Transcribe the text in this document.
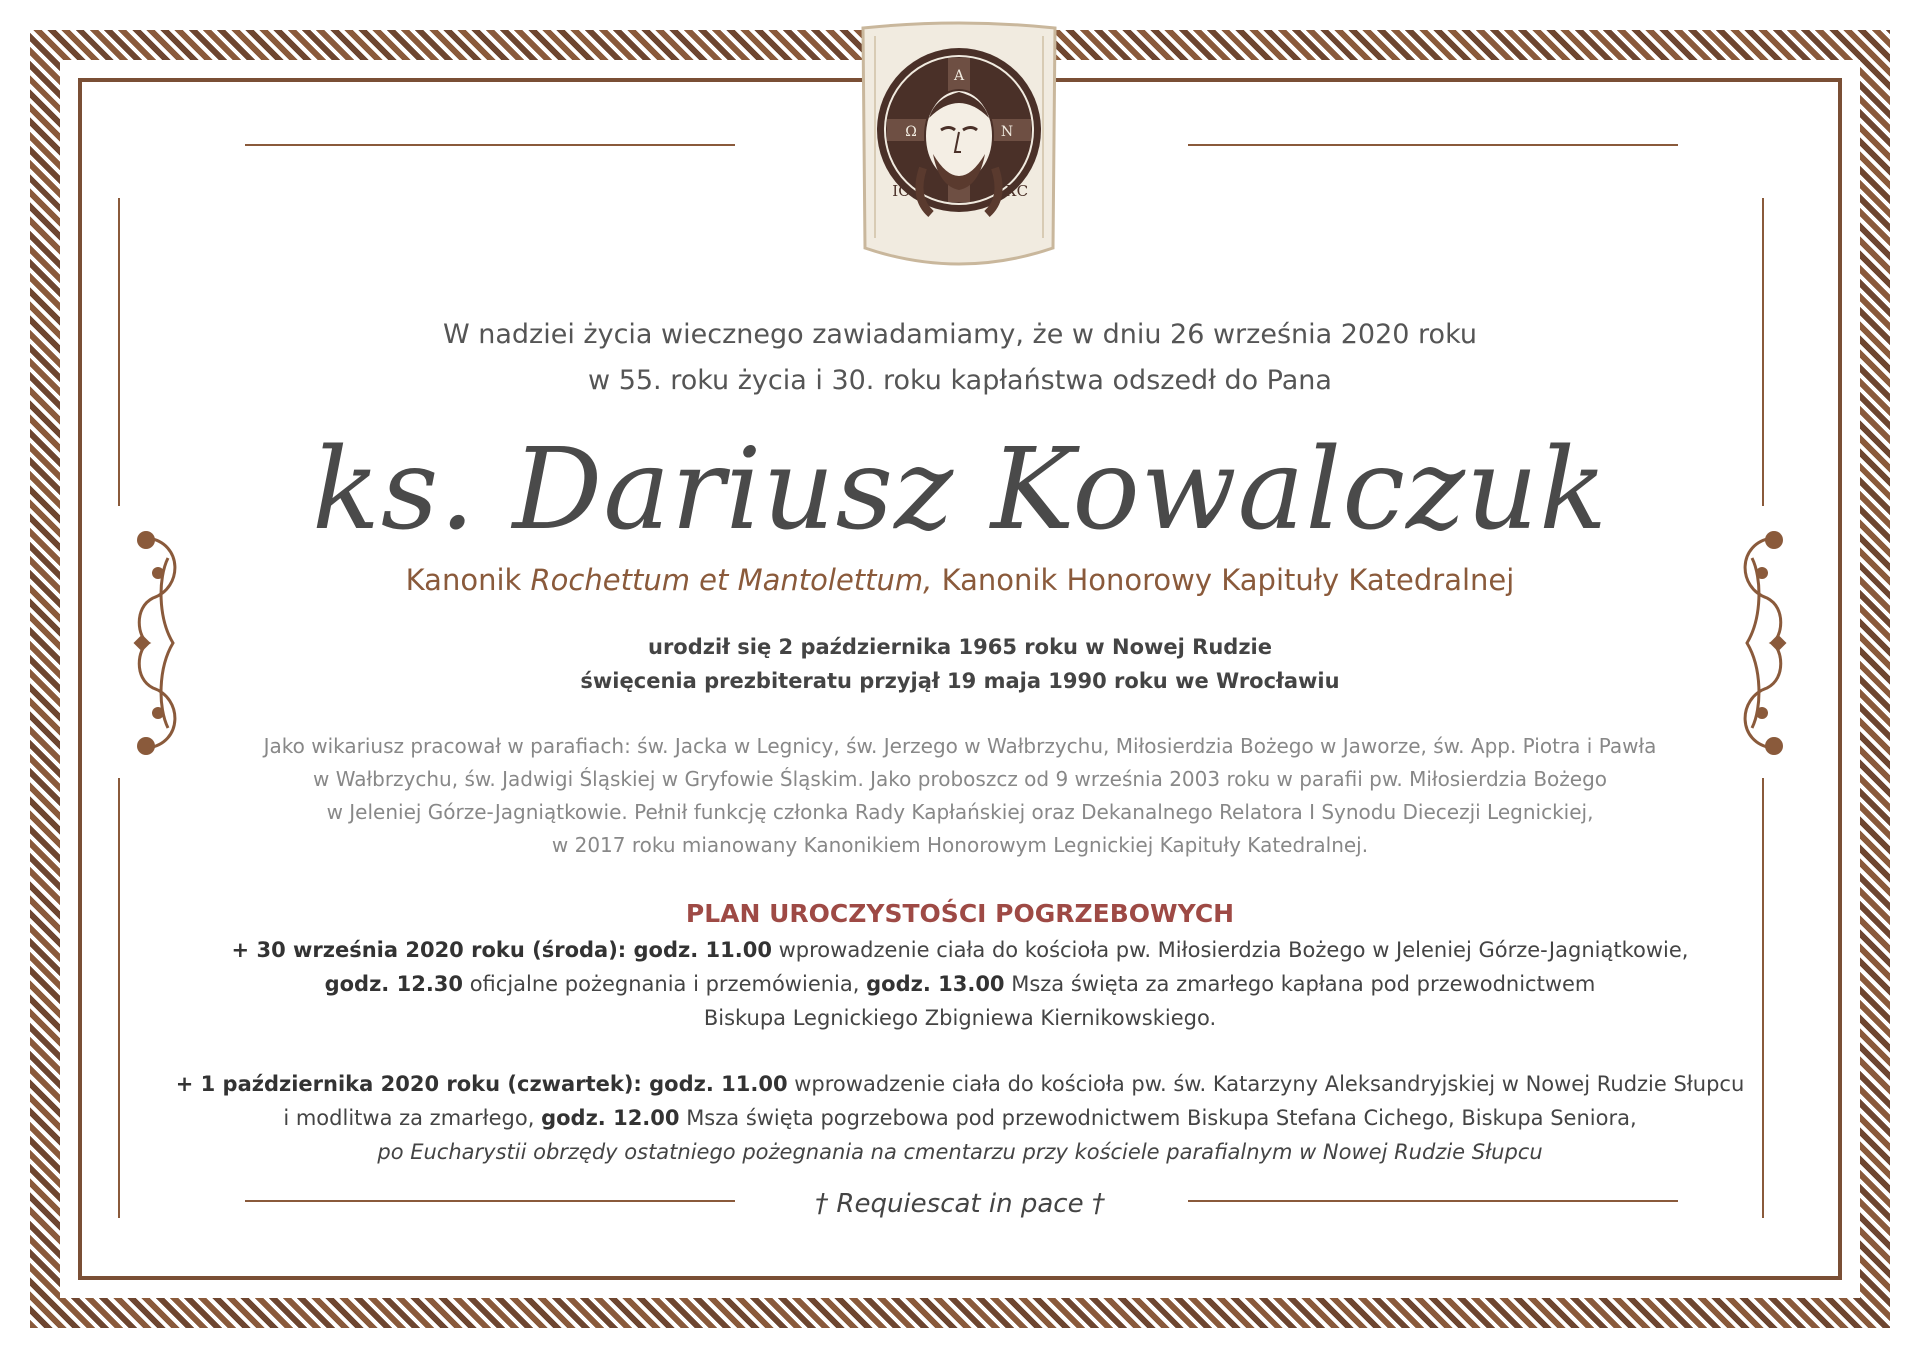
Α
Ω	Ν
ІС	ХС
W nadziei życia wiecznego zawiadamiamy, że w dniu 26 września 2020 roku
w 55. roku życia i 30. roku kapłaństwa odszedł do Pana
ks. Dariusz Kowalczuk
Kanonik Rochettum et Mantolettum, Kanonik Honorowy Kapituły Katedralnej
urodził się 2 października 1965 roku w Nowej Rudzie
święcenia prezbiteratu przyjął 19 maja 1990 roku we Wrocławiu
Jako wikariusz pracował w parafiach: św. Jacka w Legnicy, św. Jerzego w Wałbrzychu, Miłosierdzia Bożego w Jaworze, św. App. Piotra i Pawła
w Wałbrzychu, św. Jadwigi Śląskiej w Gryfowie Śląskim. Jako proboszcz od 9 września 2003 roku w parafii pw. Miłosierdzia Bożego
w Jeleniej Górze-Jagniątkowie. Pełnił funkcję członka Rady Kapłańskiej oraz Dekanalnego Relatora I Synodu Diecezji Legnickiej,
w 2017 roku mianowany Kanonikiem Honorowym Legnickiej Kapituły Katedralnej.
PLAN UROCZYSTOŚCI POGRZEBOWYCH
+ 30 września 2020 roku (środa): godz. 11.00 wprowadzenie ciała do kościoła pw. Miłosierdzia Bożego w Jeleniej Górze-Jagniątkowie,
godz. 12.30 oficjalne pożegnania i przemówienia, godz. 13.00 Msza święta za zmarłego kapłana pod przewodnictwem
Biskupa Legnickiego Zbigniewa Kiernikowskiego.
+ 1 października 2020 roku (czwartek): godz. 11.00 wprowadzenie ciała do kościoła pw. św. Katarzyny Aleksandryjskiej w Nowej Rudzie Słupcu
i modlitwa za zmarłego, godz. 12.00 Msza święta pogrzebowa pod przewodnictwem Biskupa Stefana Cichego, Biskupa Seniora,
po Eucharystii obrzędy ostatniego pożegnania na cmentarzu przy kościele parafialnym w Nowej Rudzie Słupcu
† Requiescat in pace †
